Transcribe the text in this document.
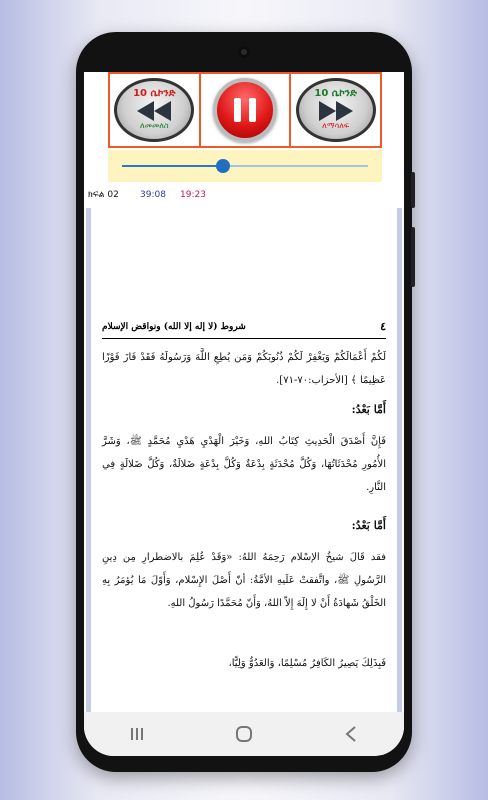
10 ሴኮንድ
ለመመለስ
10 ሴኮንድ
ለማሳለፍ
ክፍል 02 39:08 19:23
٤
شروط (لا إله إلا الله) ونواقض الإسلام
لَكُمْ أَعْمَالَكُمْ وَيَغْفِرْ لَكُمْ ذُنُوبَكُمْ وَمَن يُطِعِ اللَّهَ وَرَسُولَهُ فَقَدْ فَازَ فَوْزًا عَظِيمًا ﴾ [الأحزاب:٧٠-٧١].
أَمَّا بَعْدُ:
فَإِنَّ أَصْدَقَ الْحَدِيثِ كِتَابُ اللهِ، وَخَيْرَ الْهَدْيِ هَدْيِ مُحَمَّدٍ ﷺ، وَشَرَّ الأُمُورِ مُحْدَثَاتُهَا، وَكُلَّ مُحْدَثَةٍ بِدْعَةٌ وَكُلَّ بِدْعَةٍ ضَلالَةٌ، وَكُلَّ ضَلالَةٍ فِي النَّارِ.
أَمَّا بَعْدُ:
فقد قَالَ شيخُ الإسْلام رَحِمَهُ اللهُ: «وَقَدْ عُلِمَ بالاضطرارِ مِن دِينِ الرَّسُولِ ﷺ، واتَّفقتْ عَلَيهِ الأمَّةُ: أنّ أَصْلَ الإِسْلام، وَأَوّلَ مَا يُؤمَرُ بِهِ الخَلْقُ شَهادَةُ أَنْ لا إِلَهَ إِلاّ اللهُ، وَأَنّ مُحَمَّدًا رَسُولُ اللهِ.
فَبِذَلِكَ يَصِيرُ الكَافِرُ مُسْلِمًا، وَالعَدُوُّ وَلِيًّا،
